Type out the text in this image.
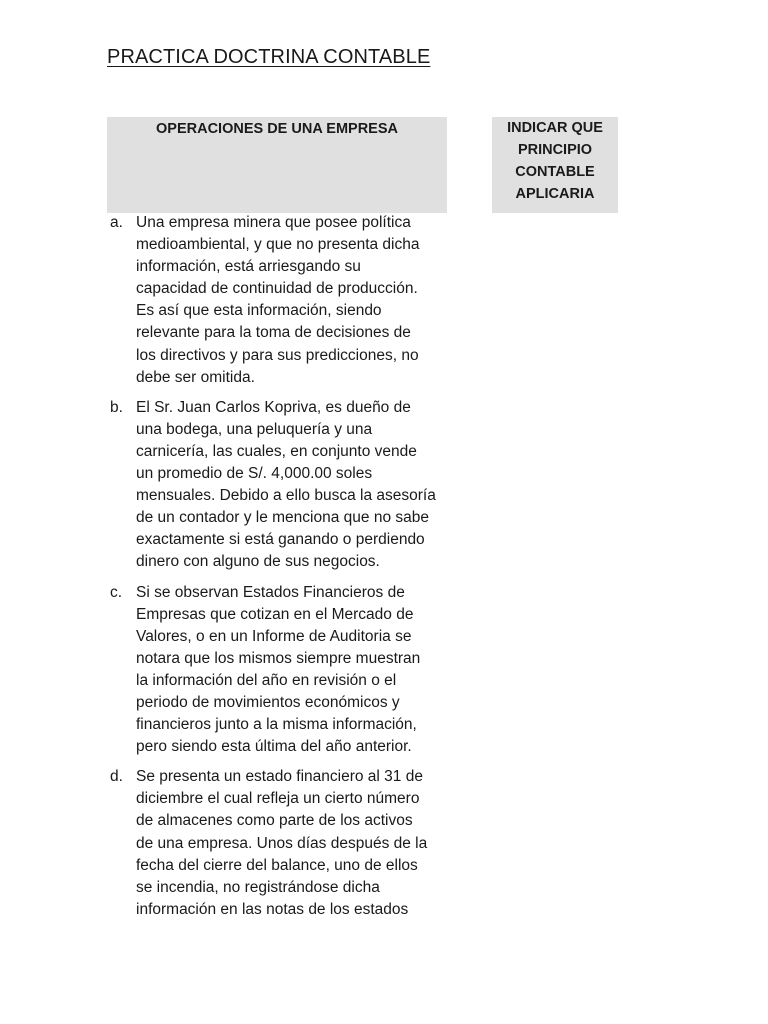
PRACTICA DOCTRINA CONTABLE
OPERACIONES DE UNA EMPRESA	INDICAR QUE
PRINCIPIO
CONTABLE
APLICARIA
a. Una empresa minera que posee política
medioambiental, y que no presenta dicha
información, está arriesgando su
capacidad de continuidad de producción.
Es así que esta información, siendo
relevante para la toma de decisiones de
los directivos y para sus predicciones, no
debe ser omitida.
b. El Sr. Juan Carlos Kopriva, es dueño de
una bodega, una peluquería y una
carnicería, las cuales, en conjunto vende
un promedio de S/. 4,000.00 soles
mensuales. Debido a ello busca la asesoría
de un contador y le menciona que no sabe
exactamente si está ganando o perdiendo
dinero con alguno de sus negocios.
c. Si se observan Estados Financieros de
Empresas que cotizan en el Mercado de
Valores, o en un Informe de Auditoria se
notara que los mismos siempre muestran
la información del año en revisión o el
periodo de movimientos económicos y
financieros junto a la misma información,
pero siendo esta última del año anterior.
d. Se presenta un estado financiero al 31 de
diciembre el cual refleja un cierto número
de almacenes como parte de los activos
de una empresa. Unos días después de la
fecha del cierre del balance, uno de ellos
se incendia, no registrándose dicha
información en las notas de los estados
